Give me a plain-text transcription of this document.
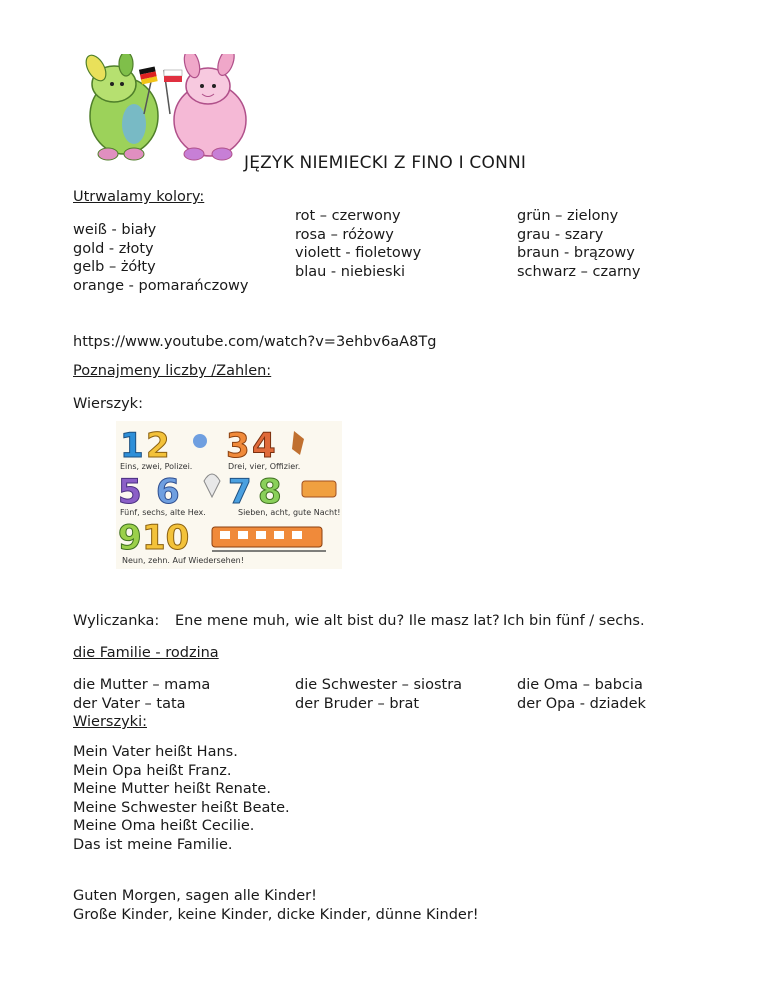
JĘZYK NIEMIECKI Z FINO I CONNI
Utrwalamy kolory:
weiß - biały
gold - złoty
gelb – żółty
orange - pomarańczowy
rot – czerwony
rosa – różowy
violett - fioletowy
blau - niebieski
grün – zielony
grau - szary
braun - brązowy
schwarz – czarny
https://www.youtube.com/watch?v=3ehbv6aA8Tg
Poznajmeny liczby /Zahlen:
Wierszyk:
1 2 3 4
Eins, zwei, Polizei.	Drei, vier, Offizier.
5 6 7 8
Fünf, sechs, alte Hex.	Sieben, acht, gute Nacht!
9 10
Neun, zehn. Auf Wiedersehen!
Wyliczanka: Ene mene muh, wie alt bist du? Ile masz lat? Ich bin fünf / sechs.
die Familie - rodzina
die Mutter – mama
der Vater – tata
Wierszyki:
die Schwester – siostra
der Bruder – brat
die Oma – babcia
der Opa - dziadek
Mein Vater heißt Hans.
Mein Opa heißt Franz.
Meine Mutter heißt Renate.
Meine Schwester heißt Beate.
Meine Oma heißt Cecilie.
Das ist meine Familie.
Guten Morgen, sagen alle Kinder!
Große Kinder, keine Kinder, dicke Kinder, dünne Kinder!
